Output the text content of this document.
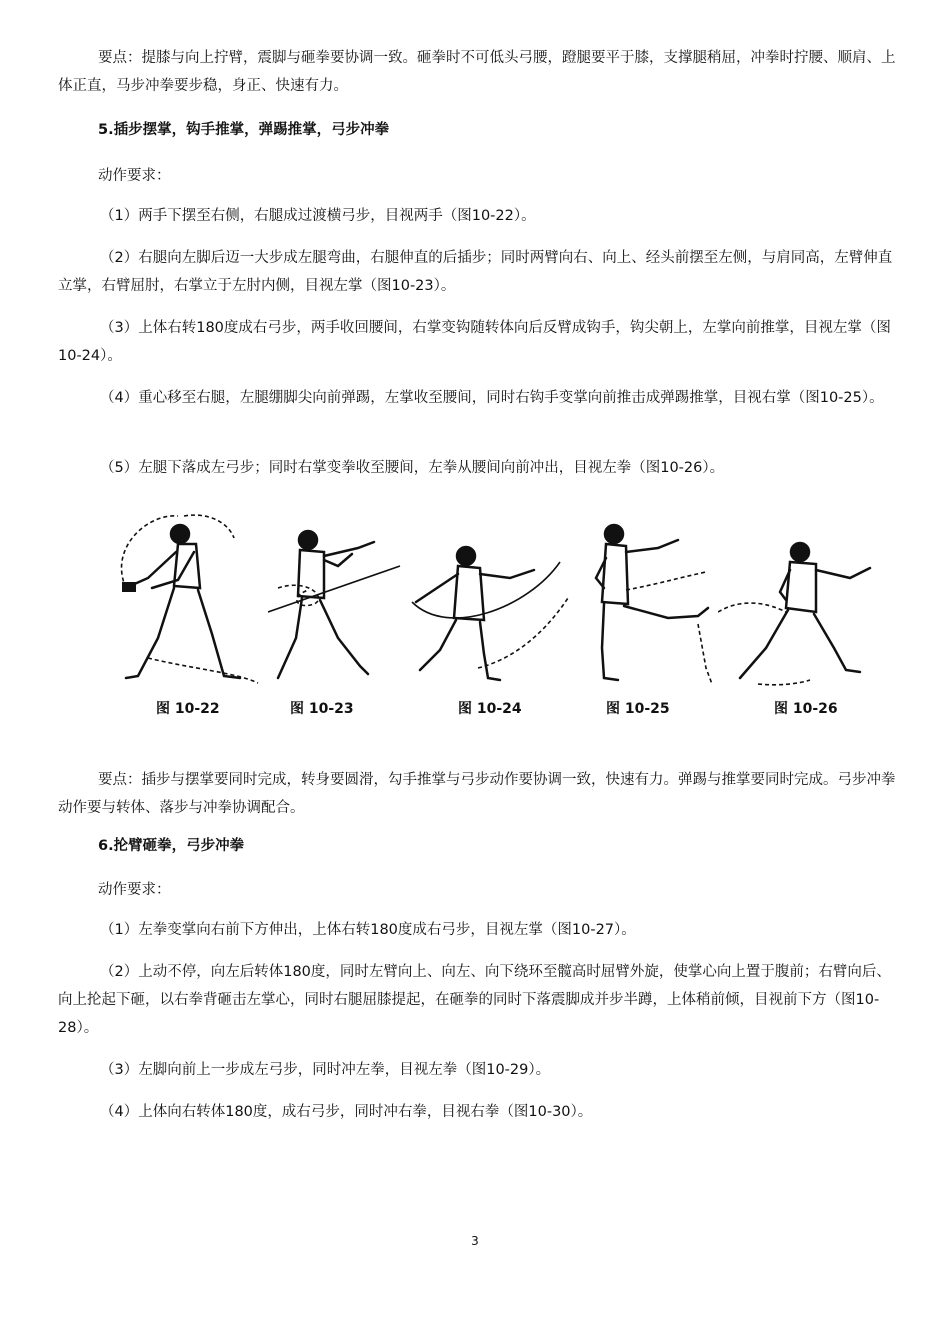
要点：提膝与向上拧臂，震脚与砸拳要协调一致。砸拳时不可低头弓腰，蹬腿要平于膝，支撑腿稍屈，冲拳时拧腰、顺肩、上体正直，马步冲拳要步稳，身正、快速有力。

5.插步摆掌，钩手推掌，弹踢推掌，弓步冲拳

动作要求：

（1）两手下摆至右侧，右腿成过渡横弓步，目视两手（图10-22）。

（2）右腿向左脚后迈一大步成左腿弯曲，右腿伸直的后插步；同时两臂向右、向上、经头前摆至左侧，与肩同高，左臂伸直立掌，右臂屈肘，右掌立于左肘内侧，目视左掌（图10-23）。

（3）上体右转180度成右弓步，两手收回腰间，右掌变钩随转体向后反臂成钩手，钩尖朝上，左掌向前推掌，目视左掌（图10-24）。

（4）重心移至右腿，左腿绷脚尖向前弹踢，左掌收至腰间，同时右钩手变掌向前推击成弹踢推掌，目视右掌（图10-25）。

（5）左腿下落成左弓步；同时右掌变拳收至腰间，左拳从腰间向前冲出，目视左拳（图10-26）。

图 10-22	图 10-23	图 10-24	图 10-25	图 10-26

要点：插步与摆掌要同时完成，转身要圆滑，勾手推掌与弓步动作要协调一致，快速有力。弹踢与推掌要同时完成。弓步冲拳动作要与转体、落步与冲拳协调配合。

6.抡臂砸拳，弓步冲拳

动作要求：

（1）左拳变掌向右前下方伸出，上体右转180度成右弓步，目视左掌（图10-27）。

（2）上动不停，向左后转体180度，同时左臂向上、向左、向下绕环至髋高时屈臂外旋，使掌心向上置于腹前；右臂向后、向上抡起下砸，以右拳背砸击左掌心，同时右腿屈膝提起，在砸拳的同时下落震脚成并步半蹲，上体稍前倾，目视前下方（图10-28）。

（3）左脚向前上一步成左弓步，同时冲左拳，目视左拳（图10-29）。

（4）上体向右转体180度，成右弓步，同时冲右拳，目视右拳（图10-30）。

3
